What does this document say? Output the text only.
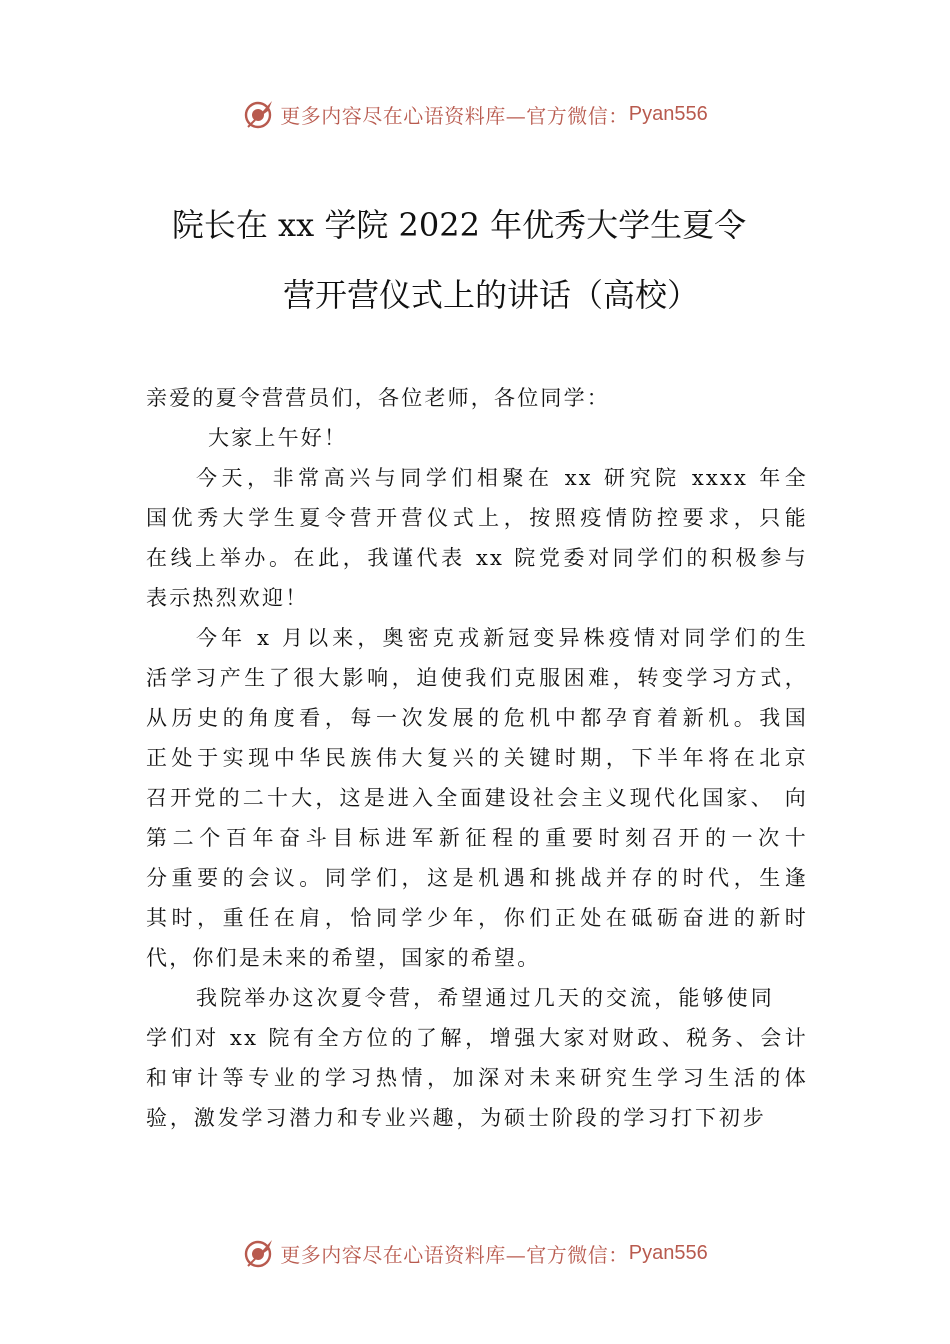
更多内容尽在心语资料库—官方微信： Pyan556
院长在 xx 学院 2022 年优秀大学生夏令
营开营仪式上的讲话（高校）
亲爱的夏令营营员们，各位老师，各位同学：
大家上午好！
今天，非常高兴与同学们相聚在 xx 研究院 xxxx 年全
国优秀大学生夏令营开营仪式上，按照疫情防控要求，只能
在线上举办。在此，我谨代表 xx 院党委对同学们的积极参与
表示热烈欢迎！
今年 x 月以来，奥密克戎新冠变异株疫情对同学们的生
活学习产生了很大影响，迫使我们克服困难，转变学习方式，
从历史的角度看，每一次发展的危机中都孕育着新机。我国
正处于实现中华民族伟大复兴的关键时期，下半年将在北京
召开党的二十大，这是进入全面建设社会主义现代化国家、 向
第二个百年奋斗目标进军新征程的重要时刻召开的一次十
分重要的会议。同学们，这是机遇和挑战并存的时代，生逢
其时，重任在肩，恰同学少年，你们正处在砥砺奋进的新时
代，你们是未来的希望，国家的希望。
我院举办这次夏令营，希望通过几天的交流，能够使同
学们对 xx 院有全方位的了解，增强大家对财政、税务、会计
和审计等专业的学习热情，加深对未来研究生学习生活的体
验，激发学习潜力和专业兴趣，为硕士阶段的学习打下初步
更多内容尽在心语资料库—官方微信： Pyan556
